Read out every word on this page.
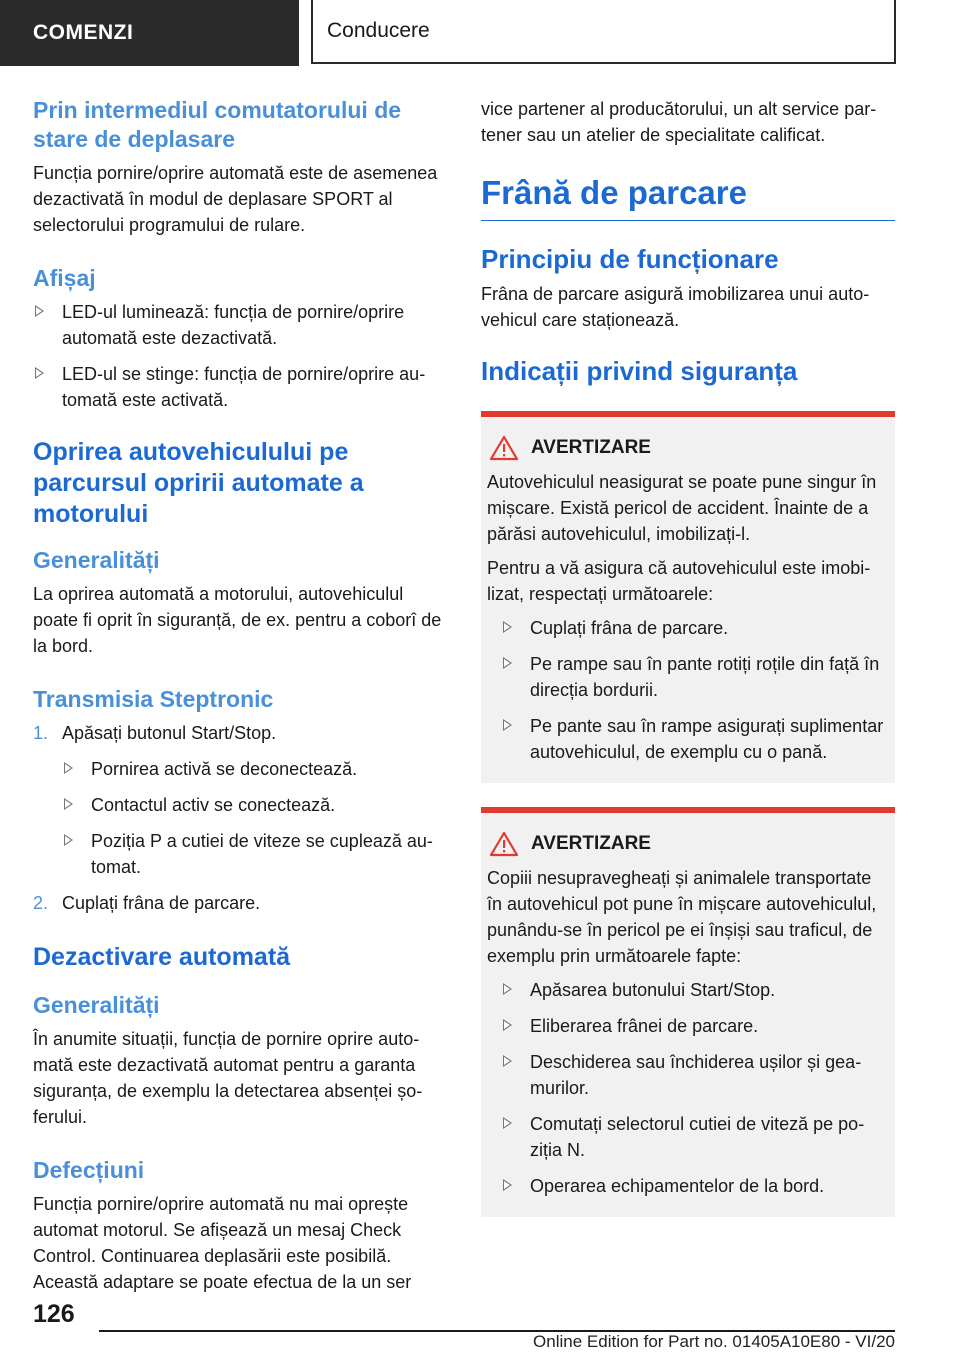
COMENZI	Conducere
Prin intermediul comutatorului de stare de deplasare
Funcția pornire/oprire automată este de asemenea dezactivată în modul de deplasare SPORT al selectorului programului de rulare.
Afișaj
LED-ul luminează: funcția de pornire/oprire automată este dezactivată.
LED-ul se stinge: funcția de pornire/oprire automată este activată.
Oprirea autovehiculului pe parcursul opririi automate a motorului
Generalități
La oprirea automată a motorului, autovehiculul poate fi oprit în siguranță, de ex. pentru a coborî de la bord.
Transmisia Steptronic
1. Apăsați butonul Start/Stop.
Pornirea activă se deconectează.
Contactul activ se conectează.
Poziția P a cutiei de viteze se cuplează automat.
2. Cuplați frâna de parcare.
Dezactivare automată
Generalități
În anumite situații, funcția de pornire oprire automată este dezactivată automat pentru a garanta siguranța, de exemplu la detectarea absenței șoferului.
Defecțiuni
Funcția pornire/oprire automată nu mai oprește automat motorul. Se afișează un mesaj Check Control. Continuarea deplasării este posibilă. Această adaptare se poate efectua de la un ser
vice partener al producătorului, un alt service partener sau un atelier de specialitate calificat.
Frână de parcare
Principiu de funcționare
Frâna de parcare asigură imobilizarea unui autovehicul care staționează.
Indicații privind siguranța
AVERTIZARE
Autovehiculul neasigurat se poate pune singur în mișcare. Există pericol de accident. Înainte de a părăsi autovehiculul, imobilizați-l.
Pentru a vă asigura că autovehiculul este imobilizat, respectați următoarele:
Cuplați frâna de parcare.
Pe rampe sau în pante rotiți roțile din față în direcția bordurii.
Pe pante sau în rampe asigurați suplimentar autovehiculul, de exemplu cu o pană.
AVERTIZARE
Copiii nesupravegheați și animalele transportate în autovehicul pot pune în mișcare autovehiculul, punându-se în pericol pe ei înșiși sau traficul, de exemplu prin următoarele fapte:
Apăsarea butonului Start/Stop.
Eliberarea frânei de parcare.
Deschiderea sau închiderea ușilor și geamurilor.
Comutați selectorul cutiei de viteză pe poziția N.
Operarea echipamentelor de la bord.
126
Online Edition for Part no. 01405A10E80 - VI/20
